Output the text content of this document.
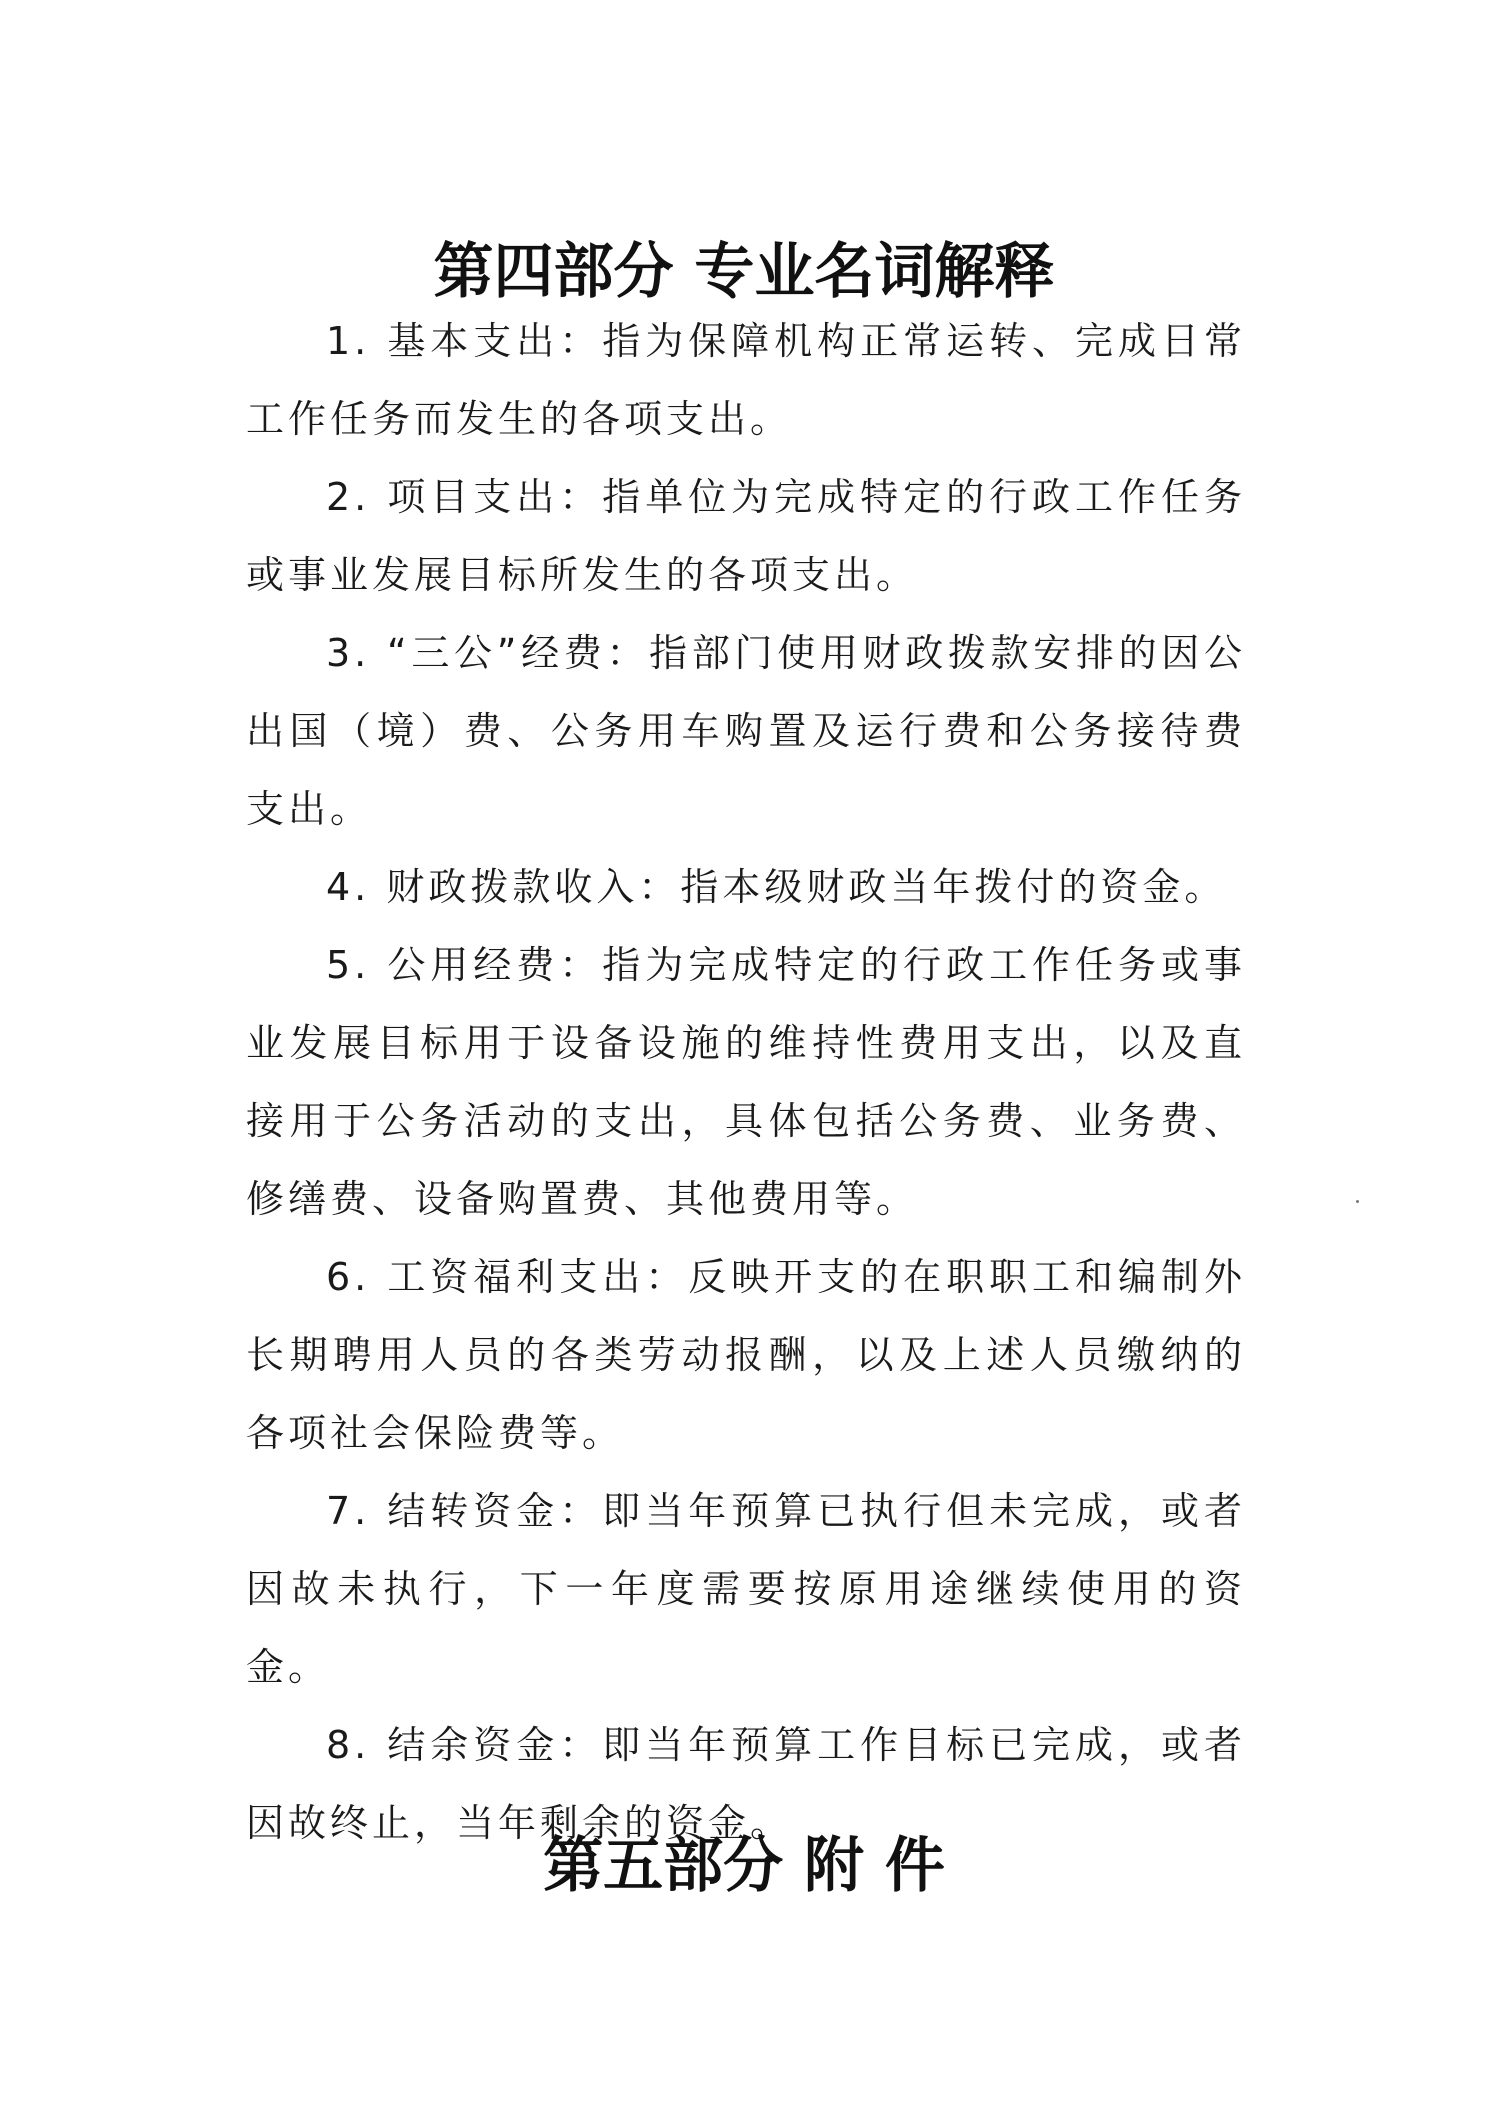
第四部分 专业名词解释

1. 基本支出：指为保障机构正常运转、完成日常工作任务而发生的各项支出。

2. 项目支出：指单位为完成特定的行政工作任务或事业发展目标所发生的各项支出。

3. “三公”经费：指部门使用财政拨款安排的因公出国（境）费、公务用车购置及运行费和公务接待费支出。

4. 财政拨款收入：指本级财政当年拨付的资金。

5. 公用经费：指为完成特定的行政工作任务或事业发展目标用于设备设施的维持性费用支出，以及直接用于公务活动的支出，具体包括公务费、业务费、修缮费、设备购置费、其他费用等。

6. 工资福利支出：反映开支的在职职工和编制外长期聘用人员的各类劳动报酬，以及上述人员缴纳的各项社会保险费等。

7. 结转资金：即当年预算已执行但未完成，或者因故未执行，下一年度需要按原用途继续使用的资金。

8. 结余资金：即当年预算工作目标已完成，或者因故终止，当年剩余的资金。

第五部分 附 件
